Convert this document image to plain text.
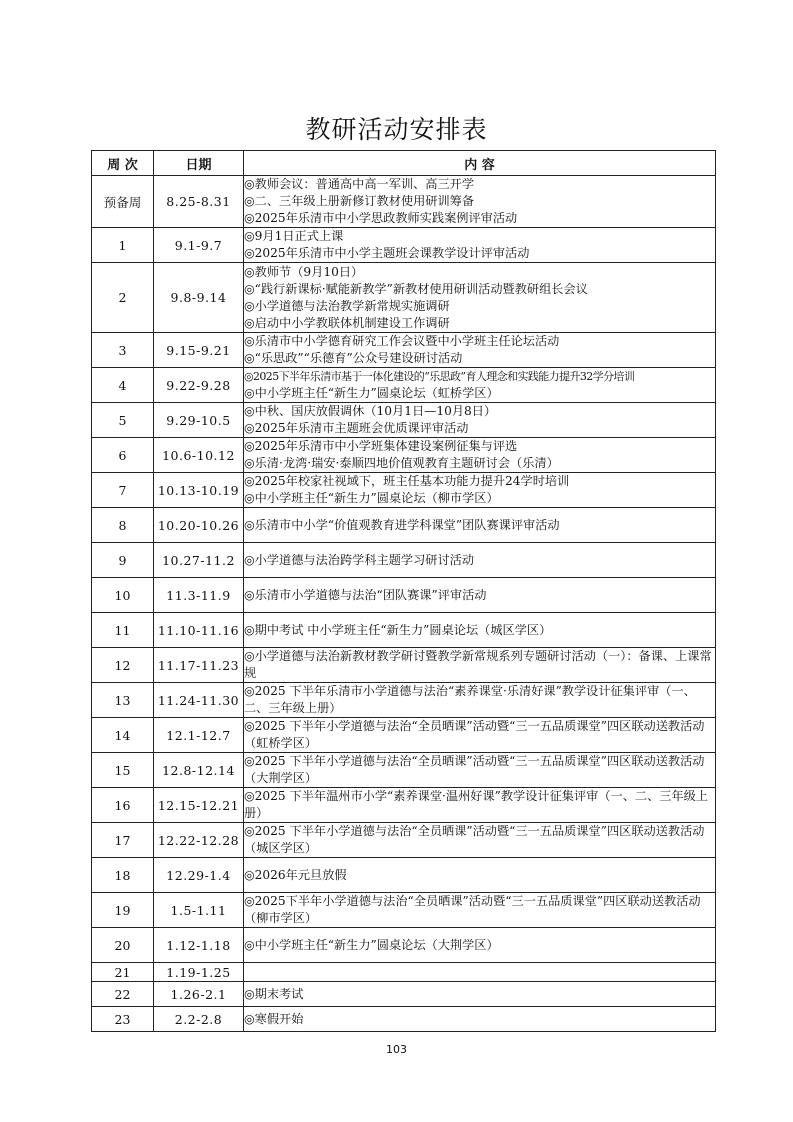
教研活动安排表
周 次	日期	内 容
预备周	8.25-8.31	◎教师会议：普通高中高一军训、高三开学
◎二、三年级上册新修订教材使用研训筹备
◎2025年乐清市中小学思政教师实践案例评审活动

1	9.1-9.7	◎9月1日正式上课
◎2025年乐清市中小学主题班会课教学设计评审活动

2	9.8-9.14	◎教师节（9月10日）
◎“践行新课标·赋能新教学”新教材使用研训活动暨教研组长会议
◎小学道德与法治教学新常规实施调研
◎启动中小学教联体机制建设工作调研

3	9.15-9.21	◎乐清市中小学德育研究工作会议暨中小学班主任论坛活动
◎“乐思政”“乐德育”公众号建设研讨活动

4	9.22-9.28	◎2025下半年乐清市基于一体化建设的“乐思政”育人理念和实践能力提升32学分培训
◎中小学班主任“新生力”圆桌论坛（虹桥学区）

5	9.29-10.5	◎中秋、国庆放假调休（10月1日—10月8日）
◎2025年乐清市主题班会优质课评审活动

6	10.6-10.12	◎2025年乐清市中小学班集体建设案例征集与评选
◎乐清·龙湾·瑞安·泰顺四地价值观教育主题研讨会（乐清）

7	10.13-10.19	◎2025年校家社视域下，班主任基本功能力提升24学时培训
◎中小学班主任“新生力”圆桌论坛（柳市学区）

8	10.20-10.26	◎乐清市中小学“价值观教育进学科课堂”团队赛课评审活动

9	10.27-11.2	◎小学道德与法治跨学科主题学习研讨活动

10	11.3-11.9	◎乐清市小学道德与法治“团队赛课”评审活动

11	11.10-11.16	◎期中考试 中小学班主任“新生力”圆桌论坛（城区学区）

12	11.17-11.23	◎小学道德与法治新教材教学研讨暨教学新常规系列专题研讨活动（一）：备课、上课常规

13	11.24-11.30	◎2025 下半年乐清市小学道德与法治“素养课堂·乐清好课”教学设计征集评审（一、二、三年级上册）

14	12.1-12.7	◎2025 下半年小学道德与法治“全员晒课”活动暨“三一五品质课堂”四区联动送教活动（虹桥学区）

15	12.8-12.14	◎2025 下半年小学道德与法治“全员晒课”活动暨“三一五品质课堂”四区联动送教活动（大荆学区）

16	12.15-12.21	◎2025 下半年温州市小学“素养课堂·温州好课”教学设计征集评审（一、二、三年级上册）

17	12.22-12.28	◎2025 下半年小学道德与法治“全员晒课”活动暨“三一五品质课堂”四区联动送教活动（城区学区）

18	12.29-1.4	◎2026年元旦放假

19	1.5-1.11	◎2025下半年小学道德与法治“全员晒课”活动暨“三一五品质课堂”四区联动送教活动（柳市学区）

20	1.12-1.18	◎中小学班主任“新生力”圆桌论坛（大荆学区）

21	1.19-1.25	
22	1.26-2.1	◎期末考试

23	2.2-2.8	◎寒假开始
103
